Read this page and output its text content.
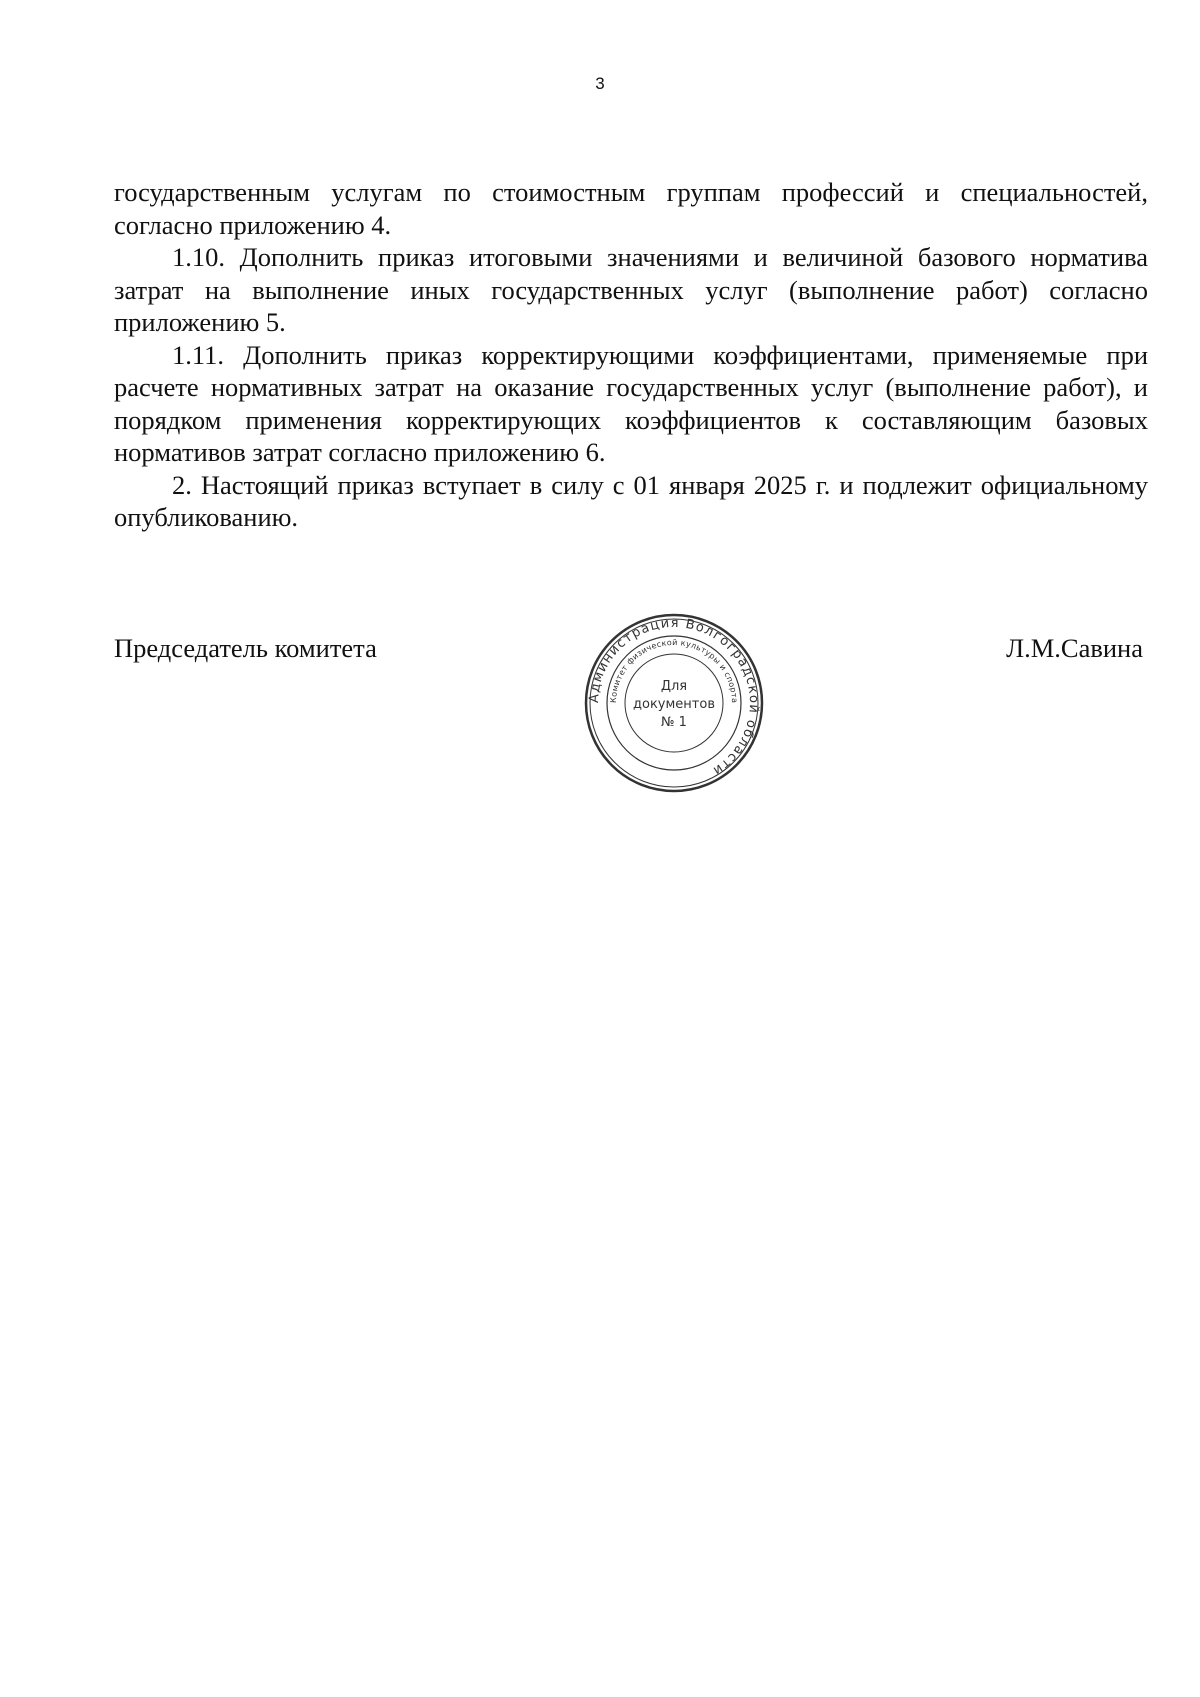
3

государственным услугам по стоимостным группам профессий и специальностей, согласно приложению 4.

1.10. Дополнить приказ итоговыми значениями и величиной базового норматива затрат на выполнение иных государственных услуг (выполнение работ) согласно приложению 5.

1.11. Дополнить приказ корректирующими коэффициентами, применяемые при расчете нормативных затрат на оказание государственных услуг (выполнение работ), и порядком применения корректирующих коэффициентов к составляющим базовых нормативов затрат согласно приложению 6.

2. Настоящий приказ вступает в силу с 01 января 2025 г. и подлежит официальному опубликованию.

Председатель комитета	Л.М.Савина
Администрация Волгоградской области
Комитет физической культуры и спорта
Для
документов
№ 1
